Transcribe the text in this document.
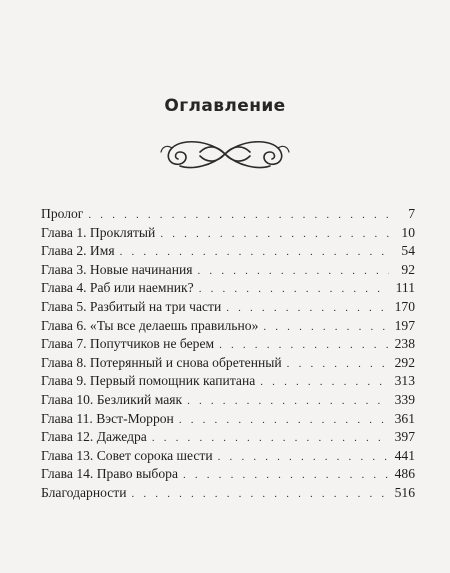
Оглавление
Пролог . . .	7
Глава 1. Проклятый . . .	10
Глава 2. Имя . . .	54
Глава 3. Новые начинания . . .	92
Глава 4. Раб или наемник? . . .	111
Глава 5. Разбитый на три части . . .	170
Глава 6. «Ты все делаешь правильно» . . .	197
Глава 7. Попутчиков не берем . . .	238
Глава 8. Потерянный и снова обретенный . . .	292
Глава 9. Первый помощник капитана . . .	313
Глава 10. Безликий маяк . . .	339
Глава 11. Вэст-Моррон . . .	361
Глава 12. Дажедра . . .	397
Глава 13. Совет сорока шести . . .	441
Глава 14. Право выбора . . .	486
Благодарности . . .	516
